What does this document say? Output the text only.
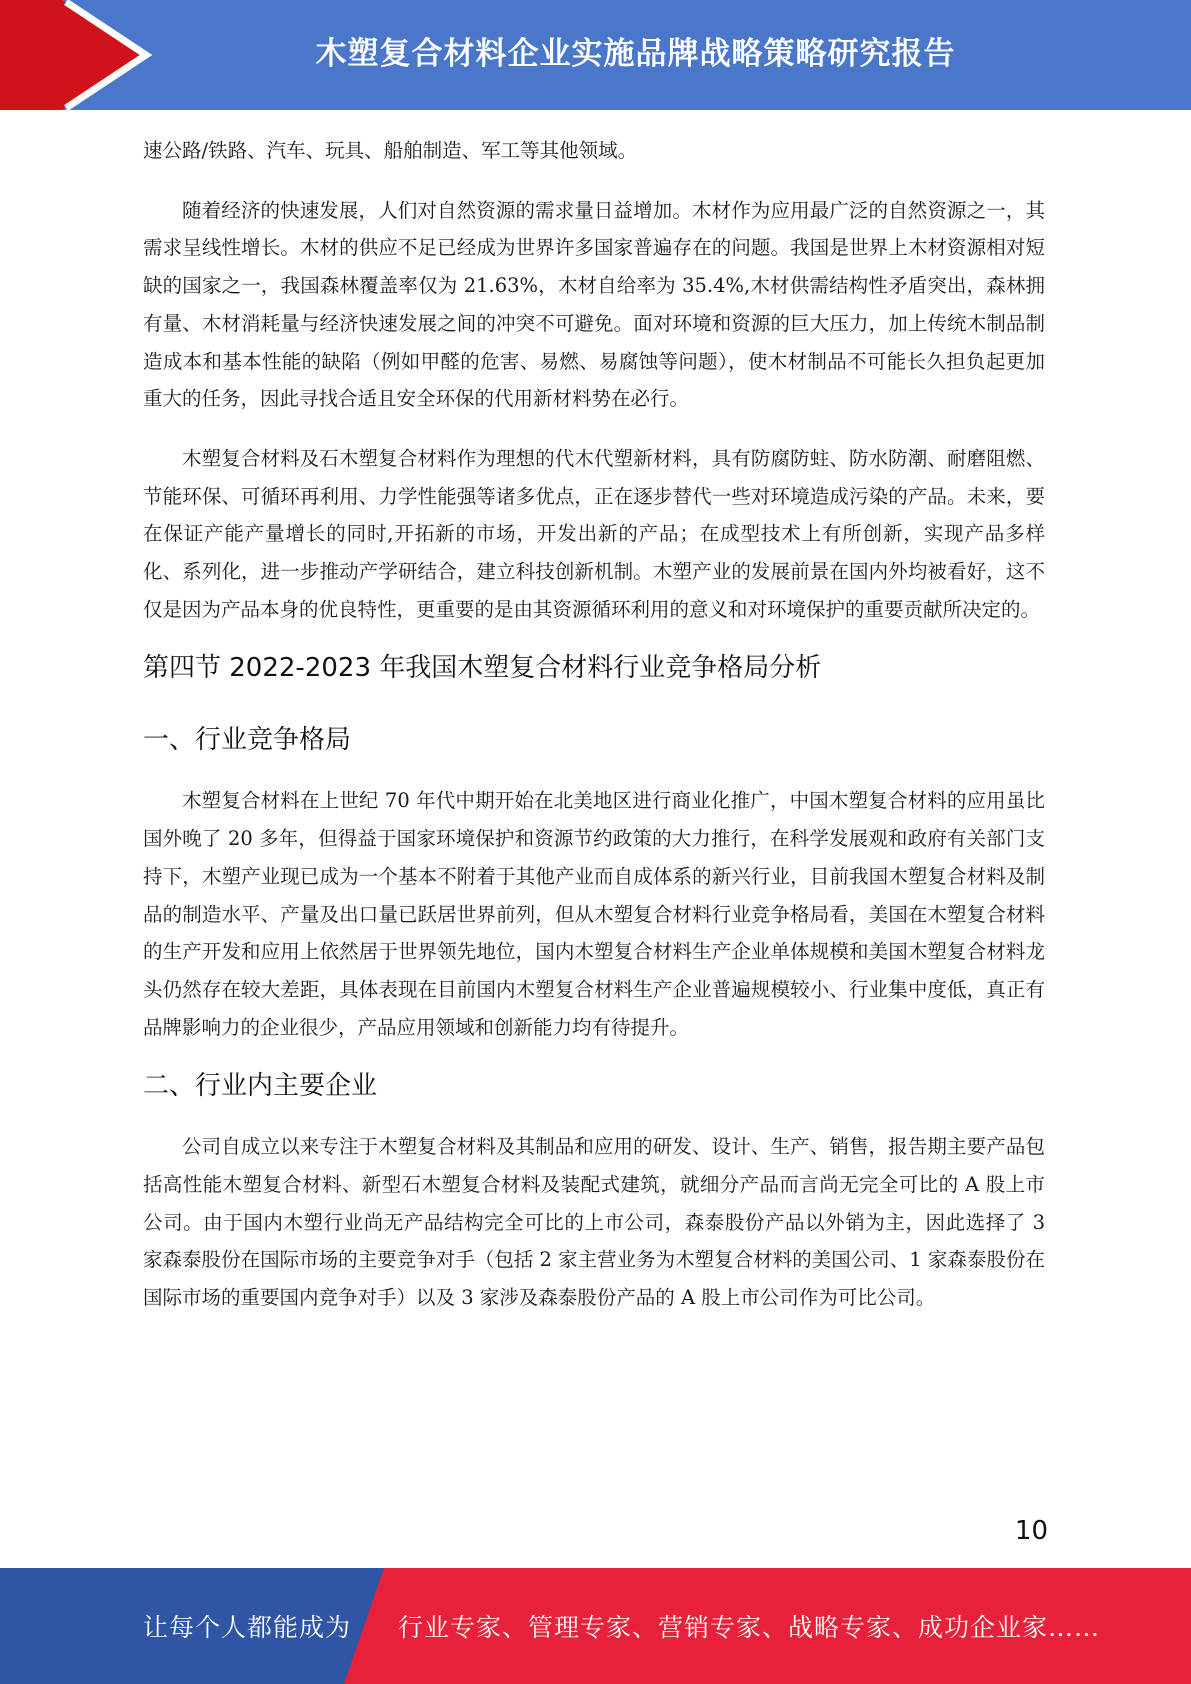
木塑复合材料企业实施品牌战略策略研究报告

速公路/铁路、汽车、玩具、船舶制造、军工等其他领域。

随着经济的快速发展，人们对自然资源的需求量日益增加。木材作为应用最广泛的自然资源之一，其需求呈线性增长。木材的供应不足已经成为世界许多国家普遍存在的问题。我国是世界上木材资源相对短缺的国家之一，我国森林覆盖率仅为 21.63%，木材自给率为 35.4%,木材供需结构性矛盾突出，森林拥有量、木材消耗量与经济快速发展之间的冲突不可避免。面对环境和资源的巨大压力，加上传统木制品制造成本和基本性能的缺陷（例如甲醛的危害、易燃、易腐蚀等问题），使木材制品不可能长久担负起更加重大的任务，因此寻找合适且安全环保的代用新材料势在必行。

木塑复合材料及石木塑复合材料作为理想的代木代塑新材料，具有防腐防蛀、防水防潮、耐磨阻燃、节能环保、可循环再利用、力学性能强等诸多优点，正在逐步替代一些对环境造成污染的产品。未来，要在保证产能产量增长的同时,开拓新的市场，开发出新的产品；在成型技术上有所创新，实现产品多样化、系列化，进一步推动产学研结合，建立科技创新机制。木塑产业的发展前景在国内外均被看好，这不仅是因为产品本身的优良特性，更重要的是由其资源循环利用的意义和对环境保护的重要贡献所决定的。

第四节 2022-2023 年我国木塑复合材料行业竞争格局分析
一、行业竞争格局

木塑复合材料在上世纪 70 年代中期开始在北美地区进行商业化推广，中国木塑复合材料的应用虽比国外晚了 20 多年，但得益于国家环境保护和资源节约政策的大力推行，在科学发展观和政府有关部门支持下，木塑产业现已成为一个基本不附着于其他产业而自成体系的新兴行业，目前我国木塑复合材料及制品的制造水平、产量及出口量已跃居世界前列，但从木塑复合材料行业竞争格局看，美国在木塑复合材料的生产开发和应用上依然居于世界领先地位，国内木塑复合材料生产企业单体规模和美国木塑复合材料龙头仍然存在较大差距，具体表现在目前国内木塑复合材料生产企业普遍规模较小、行业集中度低，真正有品牌影响力的企业很少，产品应用领域和创新能力均有待提升。

二、行业内主要企业

公司自成立以来专注于木塑复合材料及其制品和应用的研发、设计、生产、销售，报告期主要产品包括高性能木塑复合材料、新型石木塑复合材料及装配式建筑，就细分产品而言尚无完全可比的 A 股上市公司。由于国内木塑行业尚无产品结构完全可比的上市公司，森泰股份产品以外销为主，因此选择了 3 家森泰股份在国际市场的主要竞争对手（包括 2 家主营业务为木塑复合材料的美国公司、1 家森泰股份在国际市场的重要国内竞争对手）以及 3 家涉及森泰股份产品的 A 股上市公司作为可比公司。

10
让每个人都能成为 行业专家、管理专家、营销专家、战略专家、成功企业家……
